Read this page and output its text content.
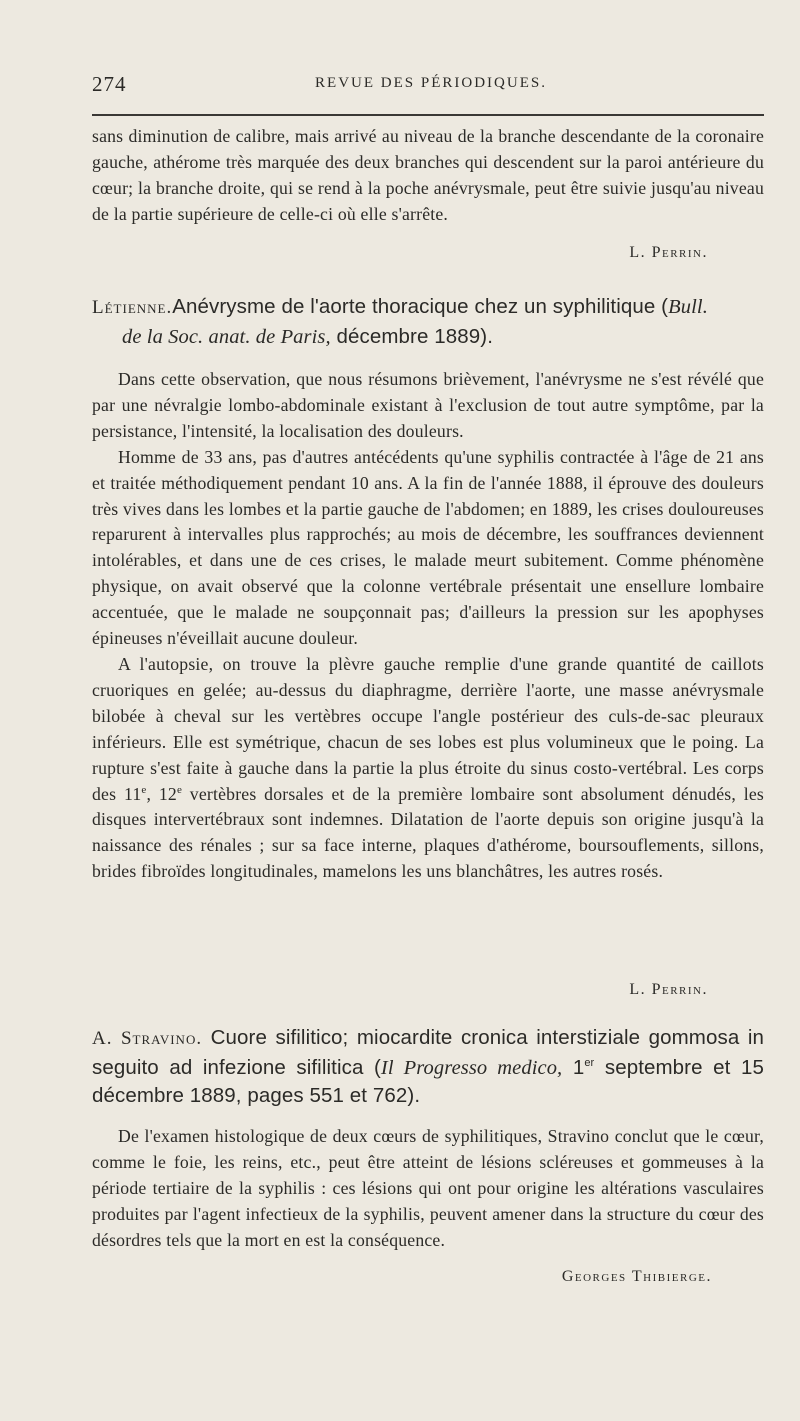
274	REVUE DES PÉRIODIQUES.

sans diminution de calibre, mais arrivé au niveau de la branche descendante de la coronaire gauche, athérome très marquée des deux branches qui descendent sur la paroi antérieure du cœur; la branche droite, qui se rend à la poche anévrysmale, peut être suivie jusqu'au niveau de la partie supérieure de celle-ci où elle s'arrête.

L. Perrin.
Létienne.Anévrysme de l'aorte thoracique chez un syphilitique (Bull.
de la Soc. anat. de Paris, décembre 1889).

Dans cette observation, que nous résumons brièvement, l'anévrysme ne s'est révélé que par une névralgie lombo-abdominale existant à l'exclusion de tout autre symptôme, par la persistance, l'intensité, la localisation des douleurs.

Homme de 33 ans, pas d'autres antécédents qu'une syphilis contractée à l'âge de 21 ans et traitée méthodiquement pendant 10 ans. A la fin de l'année 1888, il éprouve des douleurs très vives dans les lombes et la partie gauche de l'abdomen; en 1889, les crises douloureuses reparurent à intervalles plus rapprochés; au mois de décembre, les souffrances deviennent intolérables, et dans une de ces crises, le malade meurt subitement. Comme phénomène physique, on avait observé que la colonne vertébrale présentait une ensellure lombaire accentuée, que le malade ne soupçonnait pas; d'ailleurs la pression sur les apophyses épineuses n'éveillait aucune douleur.

A l'autopsie, on trouve la plèvre gauche remplie d'une grande quantité de caillots cruoriques en gelée; au-dessus du diaphragme, derrière l'aorte, une masse anévrysmale bilobée à cheval sur les vertèbres occupe l'angle postérieur des culs-de-sac pleuraux inférieurs. Elle est symétrique, chacun de ses lobes est plus volumineux que le poing. La rupture s'est faite à gauche dans la partie la plus étroite du sinus costo-vertébral. Les corps des 11e, 12e vertèbres dorsales et de la première lombaire sont absolument dénudés, les disques intervertébraux sont indemnes. Dilatation de l'aorte depuis son origine jusqu'à la naissance des rénales ; sur sa face interne, plaques d'athérome, boursouflements, sillons, brides fibroïdes longitudinales, mamelons les uns blanchâtres, les autres rosés.

L. Perrin.
A. Stravino. Cuore sifilitico; miocardite cronica interstiziale gommosa in seguito ad infezione sifilitica (Il Progresso medico, 1er septembre et 15 décembre 1889, pages 551 et 762).

De l'examen histologique de deux cœurs de syphilitiques, Stravino conclut que le cœur, comme le foie, les reins, etc., peut être atteint de lésions scléreuses et gommeuses à la période tertiaire de la syphilis : ces lésions qui ont pour origine les altérations vasculaires produites par l'agent infectieux de la syphilis, peuvent amener dans la structure du cœur des désordres tels que la mort en est la conséquence.

Georges Thibierge.
